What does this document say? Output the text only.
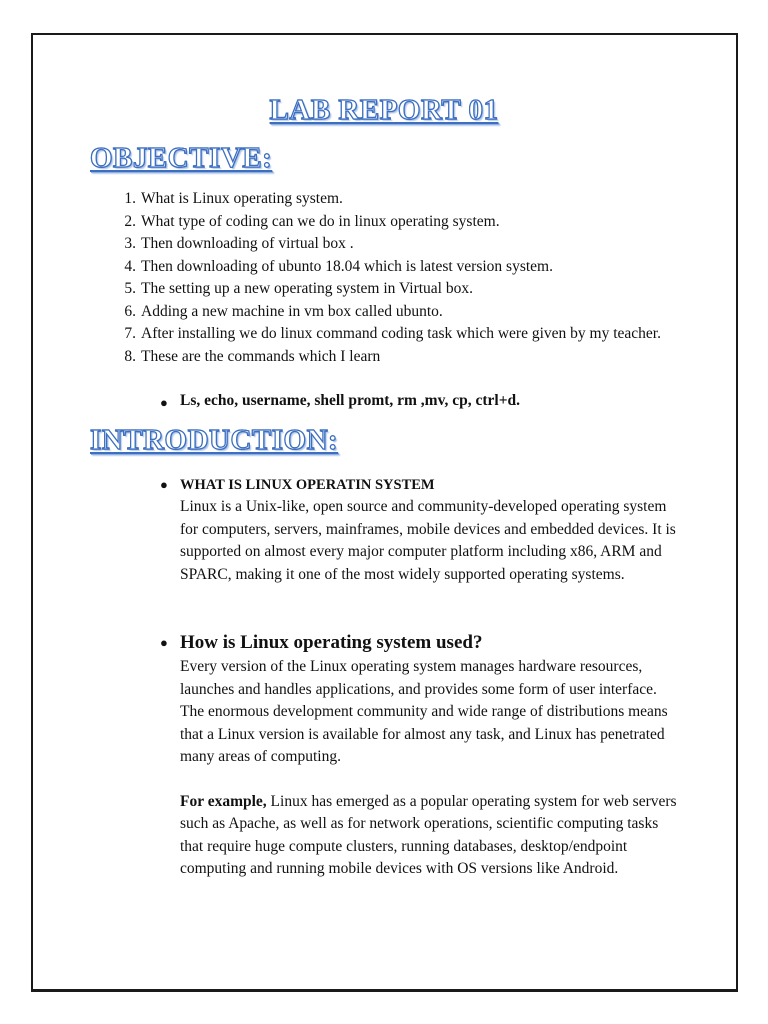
LAB REPORT 01
OBJECTIVE:
1. What is Linux operating system.
2. What type of coding can we do in linux operating system.
3. Then downloading of virtual box .
4. Then downloading of ubunto 18.04 which is latest version system.
5. The setting up a new operating system in Virtual box.
6. Adding a new machine in vm box called ubunto.
7. After installing we do linux command coding task which were given by my teacher.
8. These are the commands which I learn
● Ls, echo, username, shell promt, rm ,mv, cp, ctrl+d.
INTRODUCTION:
● WHAT IS LINUX OPERATIN SYSTEM

Linux is a Unix-like, open source and community-developed operating system for computers, servers, mainframes, mobile devices and embedded devices. It is supported on almost every major computer platform including x86, ARM and SPARC, making it one of the most widely supported operating systems.

● How is Linux operating system used?

Every version of the Linux operating system manages hardware resources, launches and handles applications, and provides some form of user interface. The enormous development community and wide range of distributions means that a Linux version is available for almost any task, and Linux has penetrated many areas of computing.

For example, Linux has emerged as a popular operating system for web servers such as Apache, as well as for network operations, scientific computing tasks that require huge compute clusters, running databases, desktop/endpoint computing and running mobile devices with OS versions like Android.
